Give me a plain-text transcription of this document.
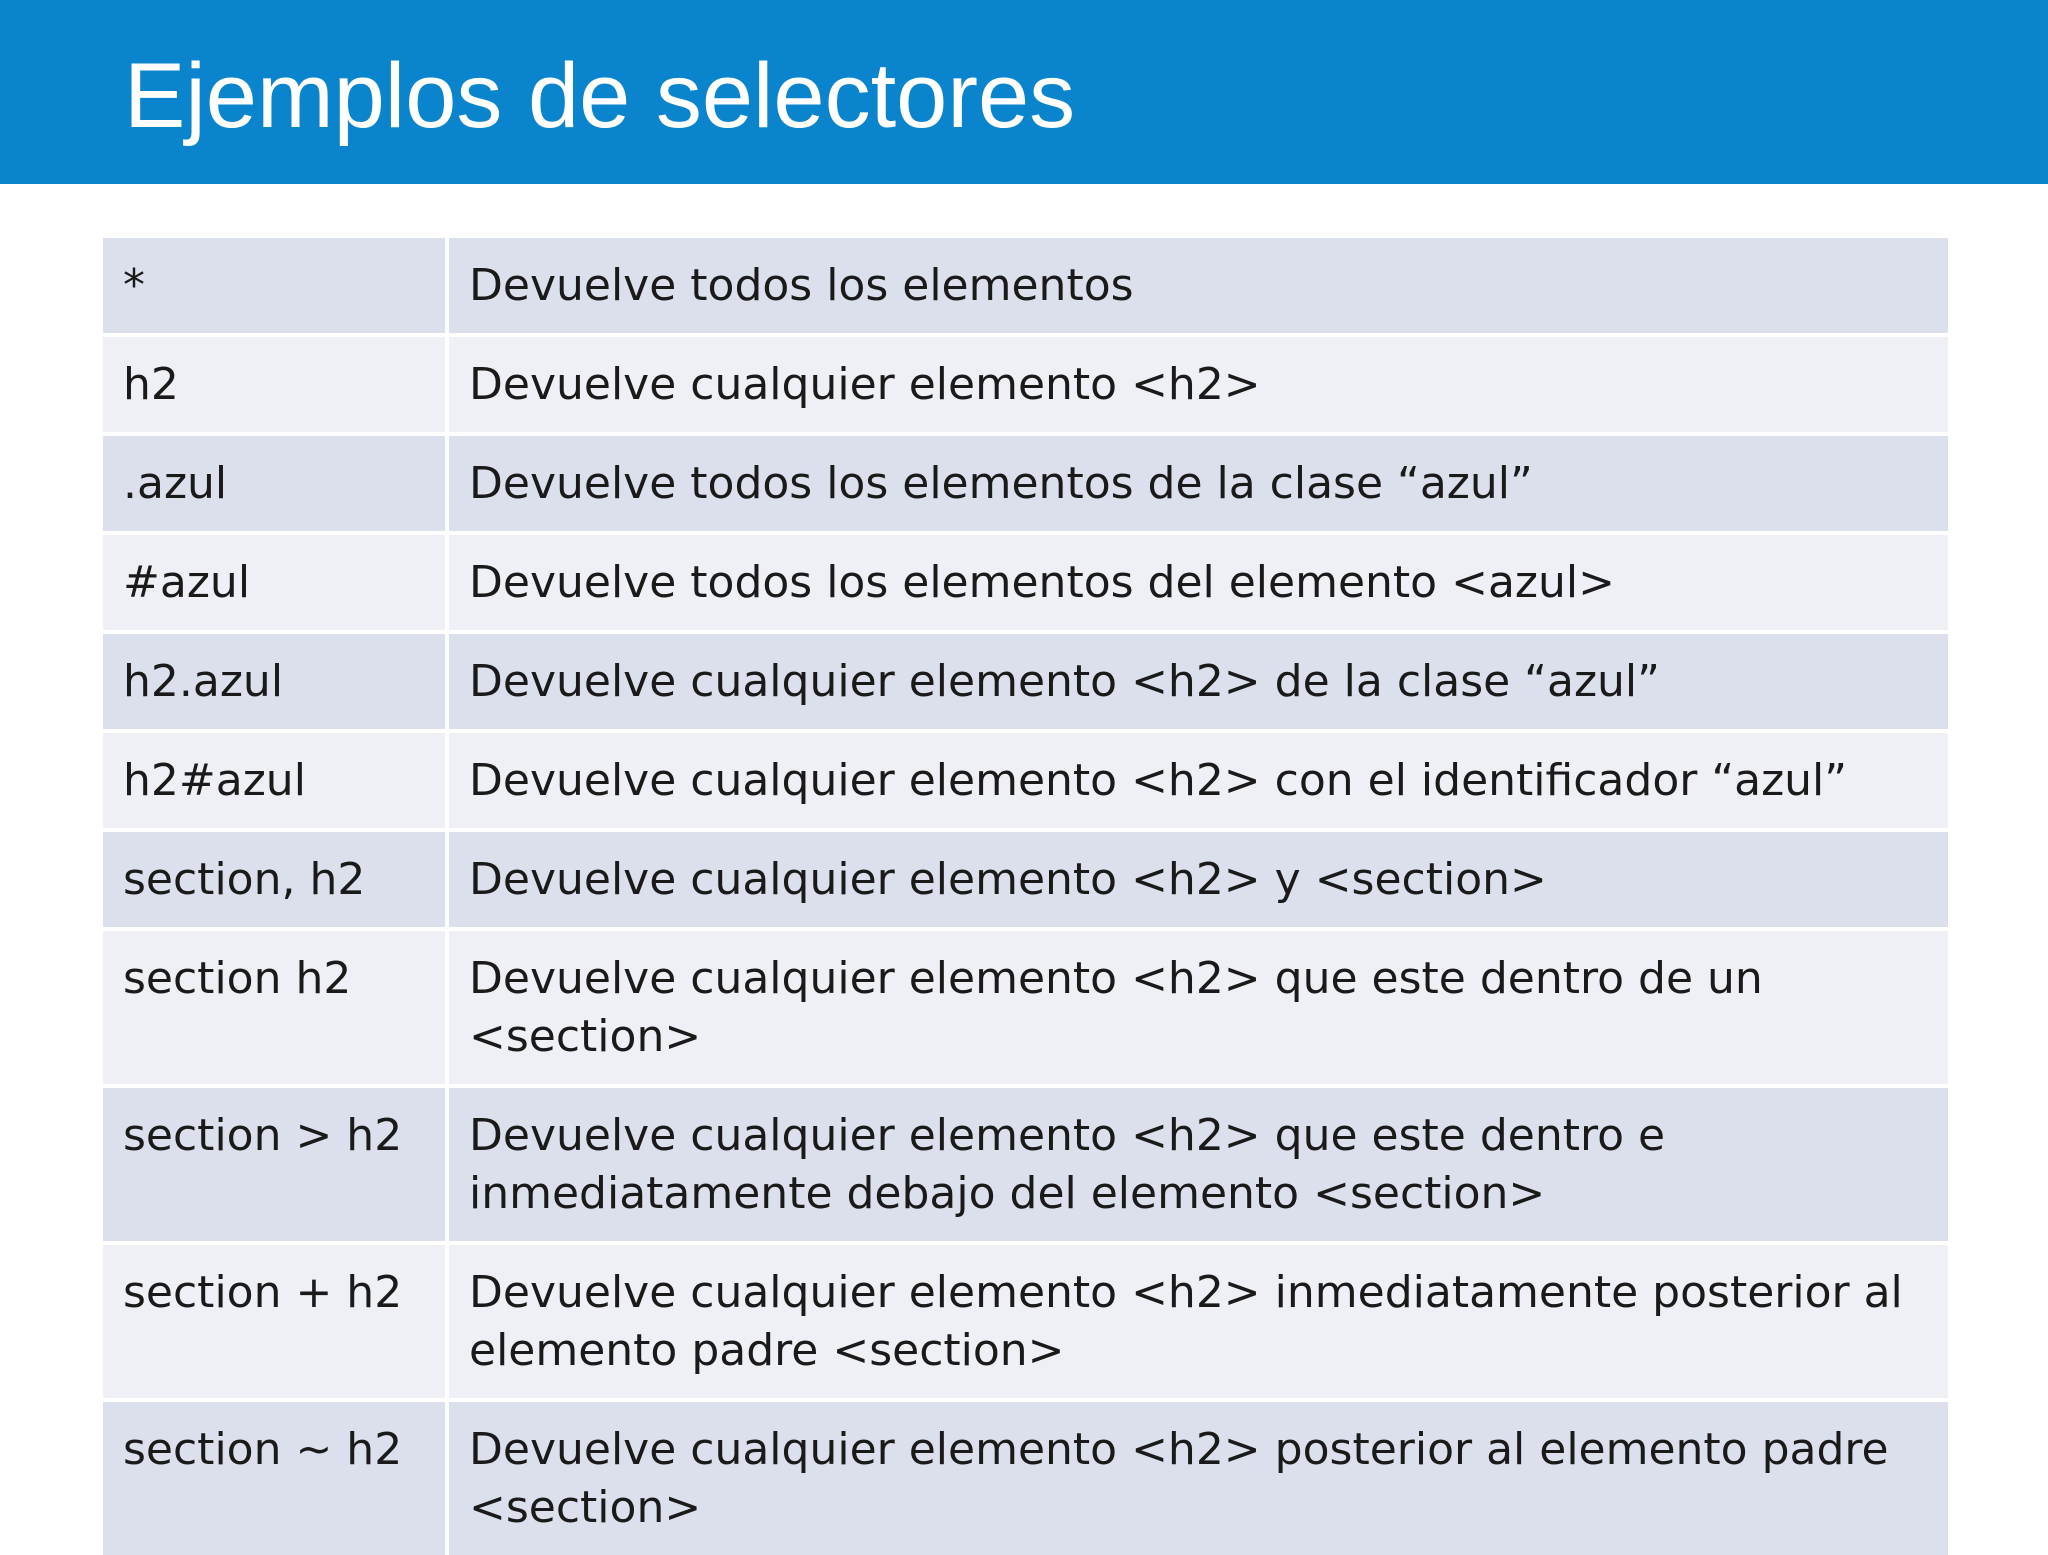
Ejemplos de selectores
*	Devuelve todos los elementos
h2	Devuelve cualquier elemento <h2>
.azul	Devuelve todos los elementos de la clase “azul”
#azul	Devuelve todos los elementos del elemento <azul>
h2.azul	Devuelve cualquier elemento <h2> de la clase “azul”
h2#azul	Devuelve cualquier elemento <h2> con el identificador “azul”
section, h2	Devuelve cualquier elemento <h2> y <section>
section h2	Devuelve cualquier elemento <h2> que este dentro de un <section>
section > h2	Devuelve cualquier elemento <h2> que este dentro e inmediatamente debajo del elemento <section>
section + h2	Devuelve cualquier elemento <h2> inmediatamente posterior al elemento padre <section>
section ~ h2	Devuelve cualquier elemento <h2> posterior al elemento padre <section>
